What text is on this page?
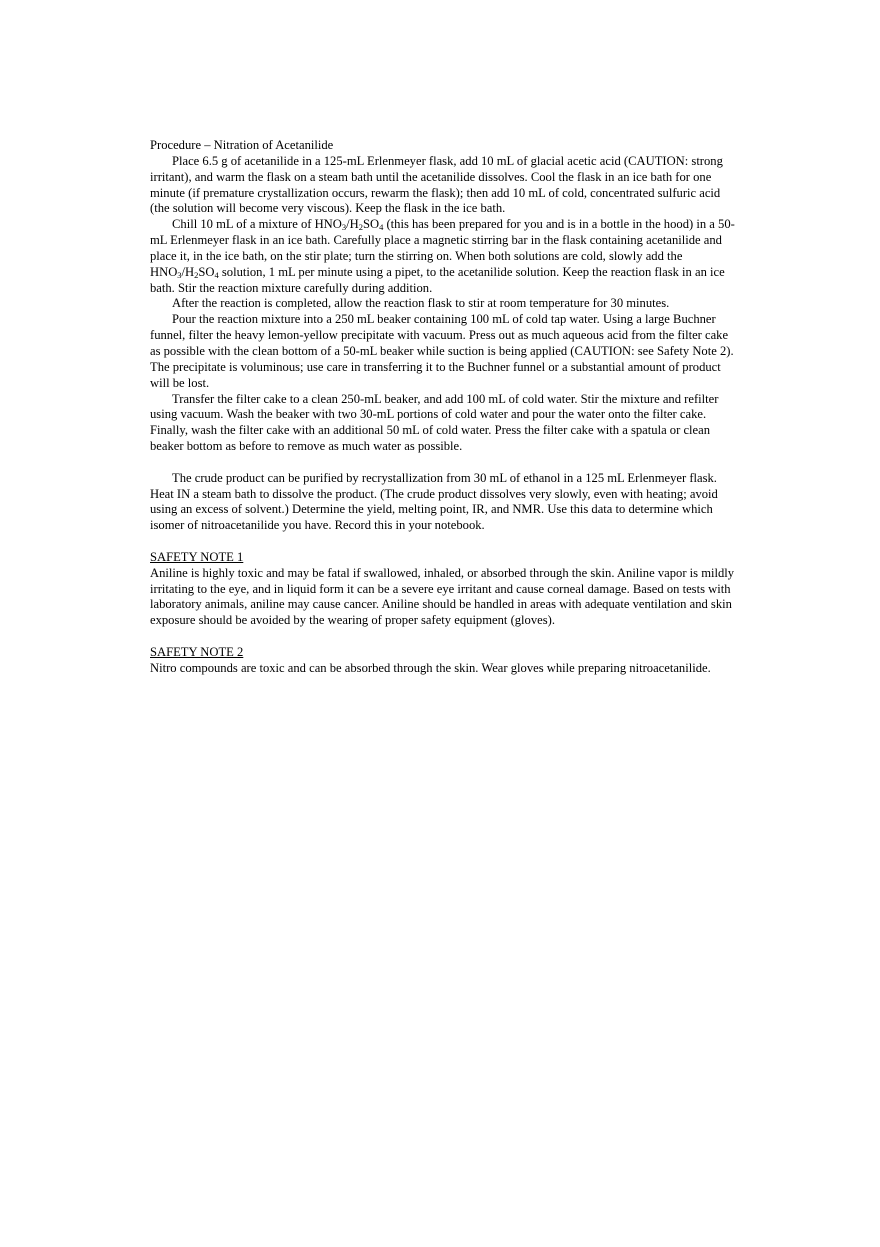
Procedure – Nitration of Acetanilide

Place 6.5 g of acetanilide in a 125-mL Erlenmeyer flask, add 10 mL of glacial acetic acid (CAUTION: strong irritant), and warm the flask on a steam bath until the acetanilide dissolves. Cool the flask in an ice bath for one minute (if premature crystallization occurs, rewarm the flask); then add 10 mL of cold, concentrated sulfuric acid (the solution will become very viscous). Keep the flask in the ice bath.

Chill 10 mL of a mixture of $HNO_3/H_2SO_4$ (this has been prepared for you and is in a bottle in the hood) in a 50-mL Erlenmeyer flask in an ice bath. Carefully place a magnetic stirring bar in the flask containing acetanilide and place it, in the ice bath, on the stir plate; turn the stirring on. When both solutions are cold, slowly add the $HNO_3/H_2SO_4$ solution, 1 mL per minute using a pipet, to the acetanilide solution. Keep the reaction flask in an ice bath. Stir the reaction mixture carefully during addition.

After the reaction is completed, allow the reaction flask to stir at room temperature for 30 minutes.

Pour the reaction mixture into a 250 mL beaker containing 100 mL of cold tap water. Using a large Buchner funnel, filter the heavy lemon-yellow precipitate with vacuum. Press out as much aqueous acid from the filter cake as possible with the clean bottom of a 50-mL beaker while suction is being applied (CAUTION: see Safety Note 2). The precipitate is voluminous; use care in transferring it to the Buchner funnel or a substantial amount of product will be lost.

Transfer the filter cake to a clean 250-mL beaker, and add 100 mL of cold water. Stir the mixture and refilter using vacuum. Wash the beaker with two 30-mL portions of cold water and pour the water onto the filter cake. Finally, wash the filter cake with an additional 50 mL of cold water. Press the filter cake with a spatula or clean beaker bottom as before to remove as much water as possible.

The crude product can be purified by recrystallization from 30 mL of ethanol in a 125 mL Erlenmeyer flask. Heat IN a steam bath to dissolve the product. (The crude product dissolves very slowly, even with heating; avoid using an excess of solvent.) Determine the yield, melting point, IR, and NMR. Use this data to determine which isomer of nitroacetanilide you have. Record this in your notebook.

SAFETY NOTE 1

Aniline is highly toxic and may be fatal if swallowed, inhaled, or absorbed through the skin. Aniline vapor is mildly irritating to the eye, and in liquid form it can be a severe eye irritant and cause corneal damage. Based on tests with laboratory animals, aniline may cause cancer. Aniline should be handled in areas with adequate ventilation and skin exposure should be avoided by the wearing of proper safety equipment (gloves).

SAFETY NOTE 2

Nitro compounds are toxic and can be absorbed through the skin. Wear gloves while preparing nitroacetanilide.
